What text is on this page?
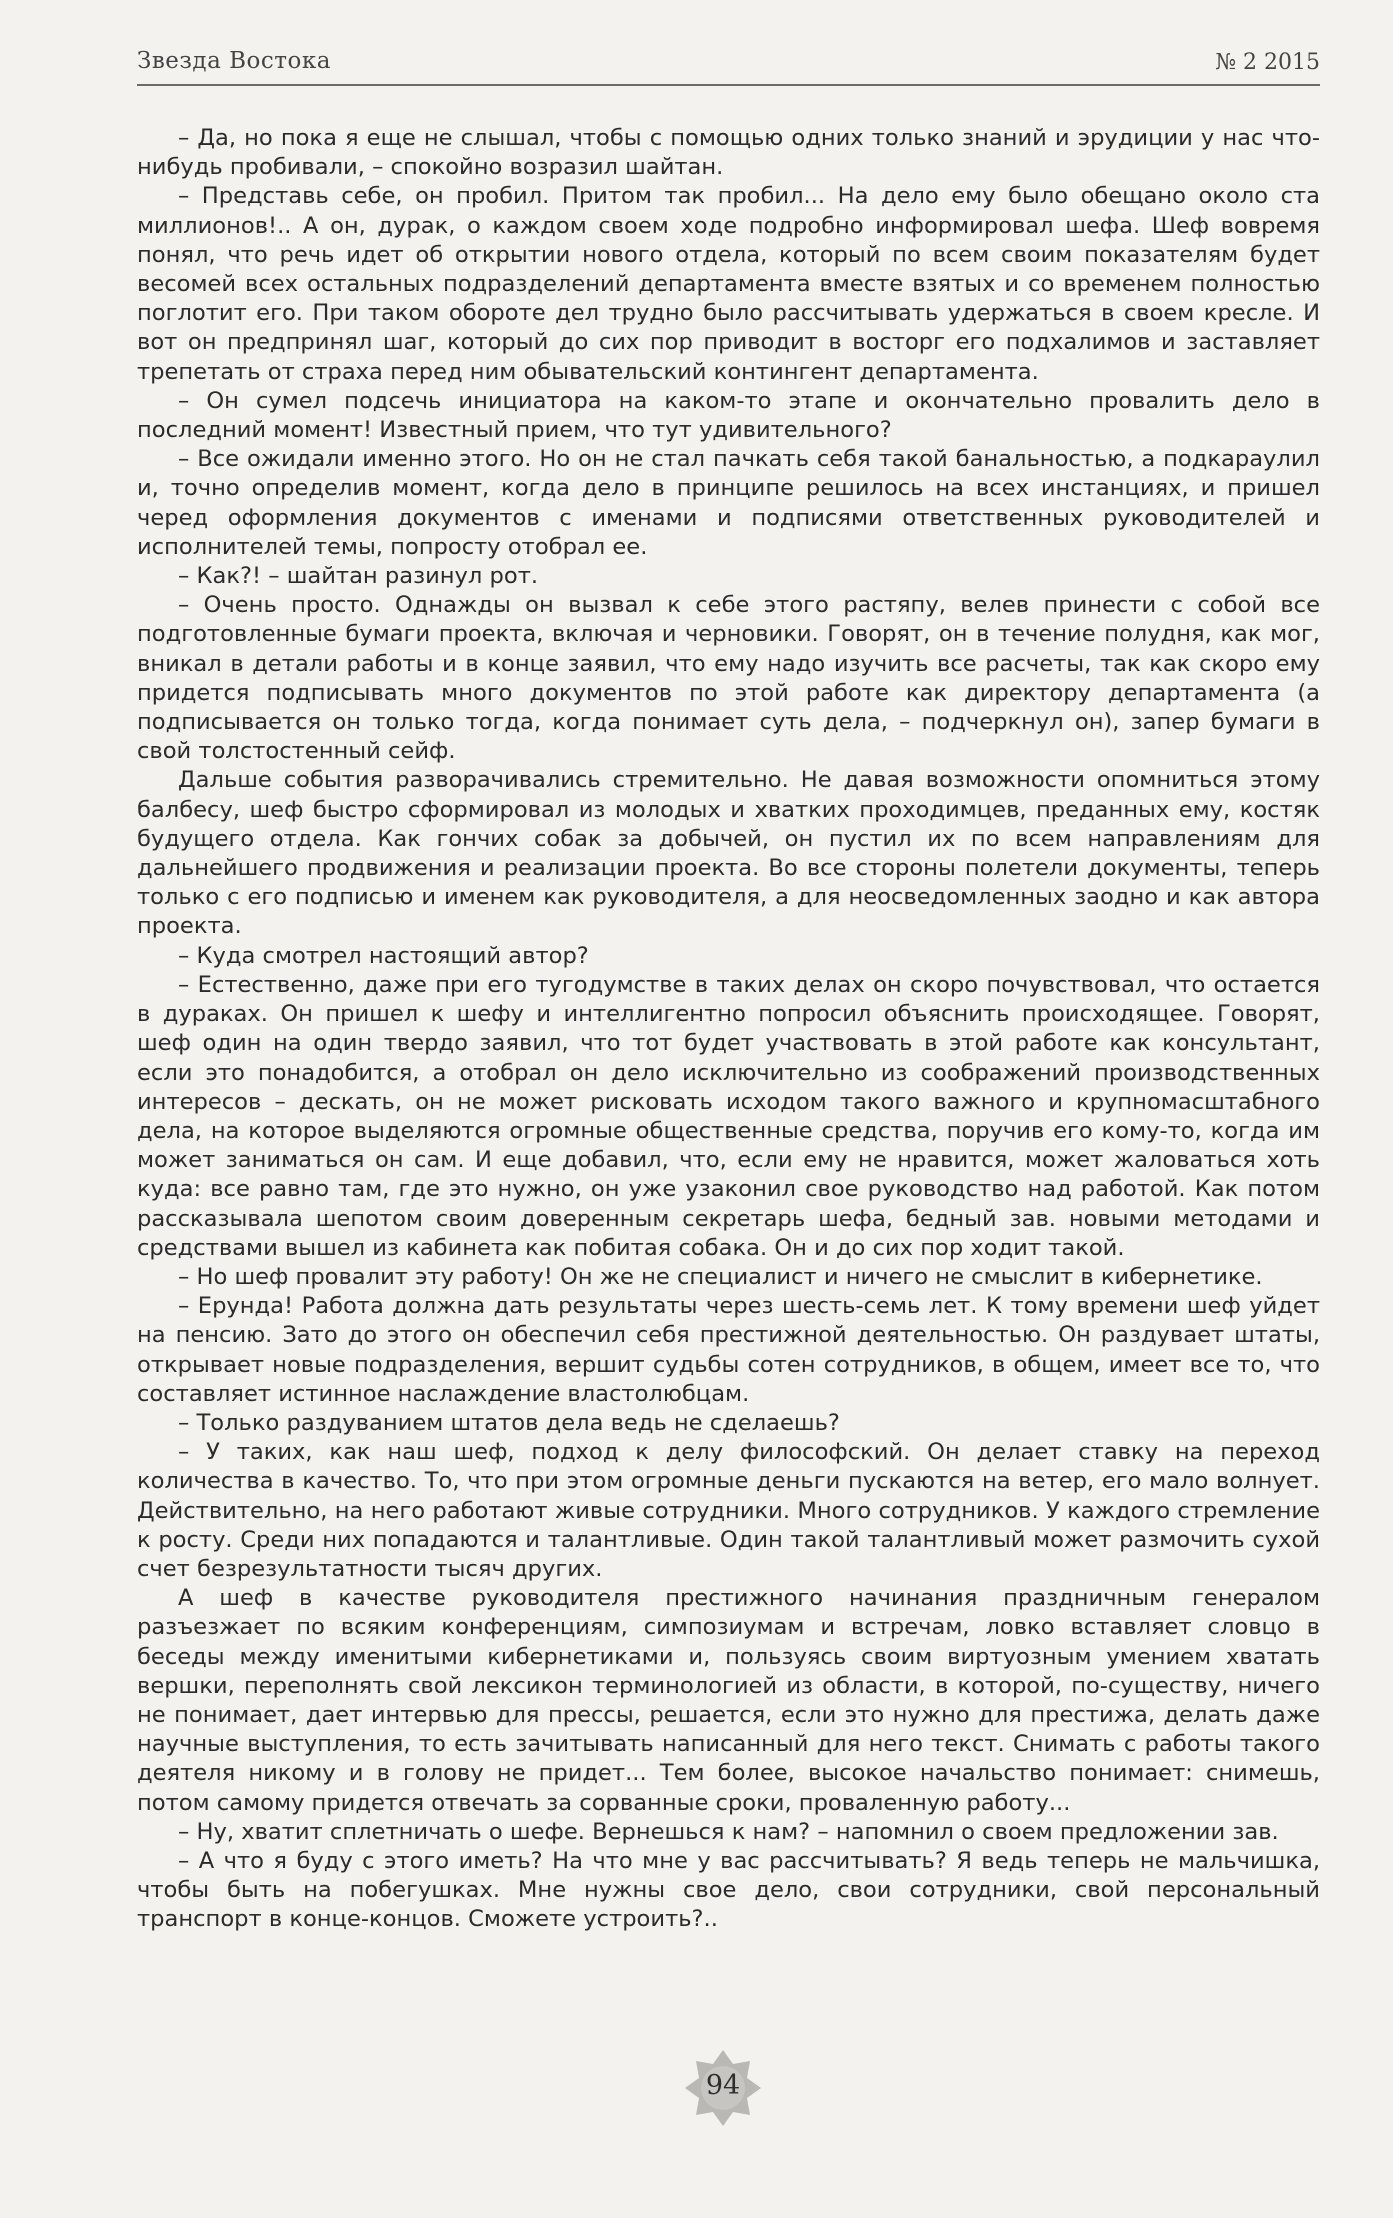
Звезда Востока	№ 2 2015

– Да, но пока я еще не слышал, чтобы с помощью одних только знаний и эрудиции у нас что-нибудь пробивали, – спокойно возразил шайтан.

– Представь себе, он пробил. Притом так пробил... На дело ему было обещано около ста миллионов!.. А он, дурак, о каждом своем ходе подробно информировал шефа. Шеф вовремя понял, что речь идет об открытии нового отдела, который по всем своим показателям будет весомей всех остальных подразделений департамента вместе взятых и со временем полностью поглотит его. При таком обороте дел трудно было рассчитывать удержаться в своем кресле. И вот он предпринял шаг, который до сих пор приводит в восторг его подхалимов и заставляет трепетать от страха перед ним обывательский контингент департамента.

– Он сумел подсечь инициатора на каком-то этапе и окончательно провалить дело в последний момент! Известный прием, что тут удивительного?

– Все ожидали именно этого. Но он не стал пачкать себя такой банальностью, а подкараулил и, точно определив момент, когда дело в принципе решилось на всех инстанциях, и пришел черед оформления документов с именами и подписями ответственных руководителей и исполнителей темы, попросту отобрал ее.

– Как?! – шайтан разинул рот.

– Очень просто. Однажды он вызвал к себе этого растяпу, велев принести с собой все подготовленные бумаги проекта, включая и черновики. Говорят, он в течение полудня, как мог, вникал в детали работы и в конце заявил, что ему надо изучить все расчеты, так как скоро ему придется подписывать много документов по этой работе как директору департамента (а подписывается он только тогда, когда понимает суть дела, – подчеркнул он), запер бумаги в свой толстостенный сейф.

Дальше события разворачивались стремительно. Не давая возможности опомниться этому балбесу, шеф быстро сформировал из молодых и хватких проходимцев, преданных ему, костяк будущего отдела. Как гончих собак за добычей, он пустил их по всем направлениям для дальнейшего продвижения и реализации проекта. Во все стороны полетели документы, теперь только с его подписью и именем как руководителя, а для неосведомленных заодно и как автора проекта.

– Куда смотрел настоящий автор?

– Естественно, даже при его тугодумстве в таких делах он скоро почувствовал, что остается в дураках. Он пришел к шефу и интеллигентно попросил объяснить происходящее. Говорят, шеф один на один твердо заявил, что тот будет участвовать в этой работе как консультант, если это понадобится, а отобрал он дело исключительно из соображений производственных интересов – дескать, он не может рисковать исходом такого важного и крупномасштабного дела, на которое выделяются огромные общественные средства, поручив его кому-то, когда им может заниматься он сам. И еще добавил, что, если ему не нравится, может жаловаться хоть куда: все равно там, где это нужно, он уже узаконил свое руководство над работой. Как потом рассказывала шепотом своим доверенным секретарь шефа, бедный зав. новыми методами и средствами вышел из кабинета как побитая собака. Он и до сих пор ходит такой.

– Но шеф провалит эту работу! Он же не специалист и ничего не смыслит в кибернетике.

– Ерунда! Работа должна дать результаты через шесть-семь лет. К тому времени шеф уйдет на пенсию. Зато до этого он обеспечил себя престижной деятельностью. Он раздувает штаты, открывает новые подразделения, вершит судьбы сотен сотрудников, в общем, имеет все то, что составляет истинное наслаждение властолюбцам.

– Только раздуванием штатов дела ведь не сделаешь?

– У таких, как наш шеф, подход к делу философский. Он делает ставку на переход количества в качество. То, что при этом огромные деньги пускаются на ветер, его мало волнует. Действительно, на него работают живые сотрудники. Много сотрудников. У каждого стремление к росту. Среди них попадаются и талантливые. Один такой талантливый может размочить сухой счет безрезультатности тысяч других.

А шеф в качестве руководителя престижного начинания праздничным генералом разъезжает по всяким конференциям, симпозиумам и встречам, ловко вставляет словцо в беседы между именитыми кибернетиками и, пользуясь своим виртуозным умением хватать вершки, переполнять свой лексикон терминологией из области, в которой, по-существу, ничего не понимает, дает интервью для прессы, решается, если это нужно для престижа, делать даже научные выступления, то есть зачитывать написанный для него текст. Снимать с работы такого деятеля никому и в голову не придет... Тем более, высокое начальство понимает: снимешь, потом самому придется отвечать за сорванные сроки, проваленную работу...

– Ну, хватит сплетничать о шефе. Вернешься к нам? – напомнил о своем предложении зав.

– А что я буду с этого иметь? На что мне у вас рассчитывать? Я ведь теперь не мальчишка, чтобы быть на побегушках. Мне нужны свое дело, свои сотрудники, свой персональный транспорт в конце-концов. Сможете устроить?..

94
